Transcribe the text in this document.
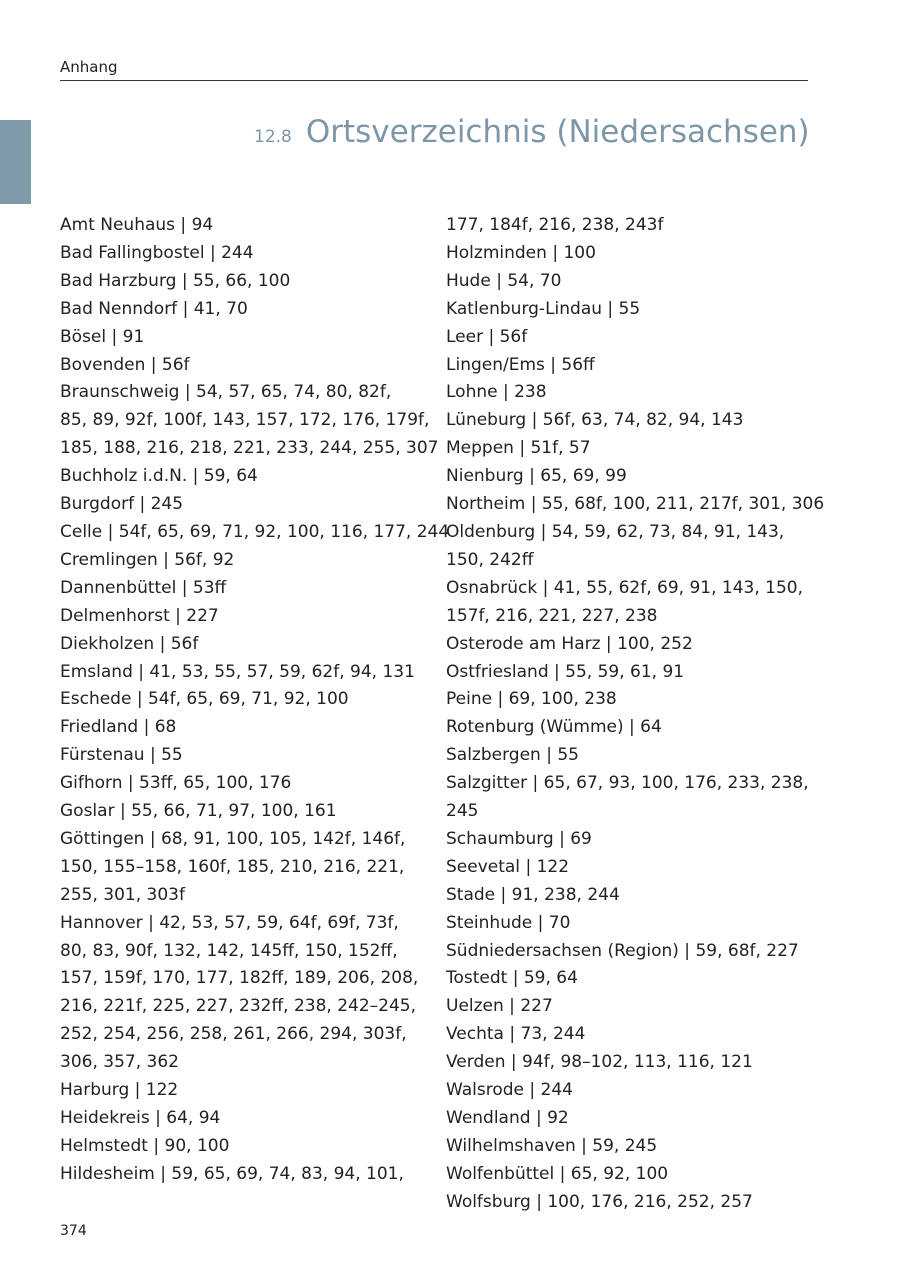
Anhang
12.8 Ortsverzeichnis (Niedersachsen)
Amt Neuhaus | 94
Bad Fallingbostel | 244
Bad Harzburg | 55, 66, 100
Bad Nenndorf | 41, 70
Bösel | 91
Bovenden | 56f
Braunschweig | 54, 57, 65, 74, 80, 82f,
85, 89, 92f, 100f, 143, 157, 172, 176, 179f,
185, 188, 216, 218, 221, 233, 244, 255, 307
Buchholz i.d.N. | 59, 64
Burgdorf | 245
Celle | 54f, 65, 69, 71, 92, 100, 116, 177, 244
Cremlingen | 56f, 92
Dannenbüttel | 53ff
Delmenhorst | 227
Diekholzen | 56f
Emsland | 41, 53, 55, 57, 59, 62f, 94, 131
Eschede | 54f, 65, 69, 71, 92, 100
Friedland | 68
Fürstenau | 55
Gifhorn | 53ff, 65, 100, 176
Goslar | 55, 66, 71, 97, 100, 161
Göttingen | 68, 91, 100, 105, 142f, 146f,
150, 155–158, 160f, 185, 210, 216, 221,
255, 301, 303f
Hannover | 42, 53, 57, 59, 64f, 69f, 73f,
80, 83, 90f, 132, 142, 145ff, 150, 152ff,
157, 159f, 170, 177, 182ff, 189, 206, 208,
216, 221f, 225, 227, 232ff, 238, 242–245,
252, 254, 256, 258, 261, 266, 294, 303f,
306, 357, 362
Harburg | 122
Heidekreis | 64, 94
Helmstedt | 90, 100
Hildesheim | 59, 65, 69, 74, 83, 94, 101,
177, 184f, 216, 238, 243f
Holzminden | 100
Hude | 54, 70
Katlenburg-Lindau | 55
Leer | 56f
Lingen/Ems | 56ff
Lohne | 238
Lüneburg | 56f, 63, 74, 82, 94, 143
Meppen | 51f, 57
Nienburg | 65, 69, 99
Northeim | 55, 68f, 100, 211, 217f, 301, 306
Oldenburg | 54, 59, 62, 73, 84, 91, 143,
150, 242ff
Osnabrück | 41, 55, 62f, 69, 91, 143, 150,
157f, 216, 221, 227, 238
Osterode am Harz | 100, 252
Ostfriesland | 55, 59, 61, 91
Peine | 69, 100, 238
Rotenburg (Wümme) | 64
Salzbergen | 55
Salzgitter | 65, 67, 93, 100, 176, 233, 238,
245
Schaumburg | 69
Seevetal | 122
Stade | 91, 238, 244
Steinhude | 70
Südniedersachsen (Region) | 59, 68f, 227
Tostedt | 59, 64
Uelzen | 227
Vechta | 73, 244
Verden | 94f, 98–102, 113, 116, 121
Walsrode | 244
Wendland | 92
Wilhelmshaven | 59, 245
Wolfenbüttel | 65, 92, 100
Wolfsburg | 100, 176, 216, 252, 257
374
